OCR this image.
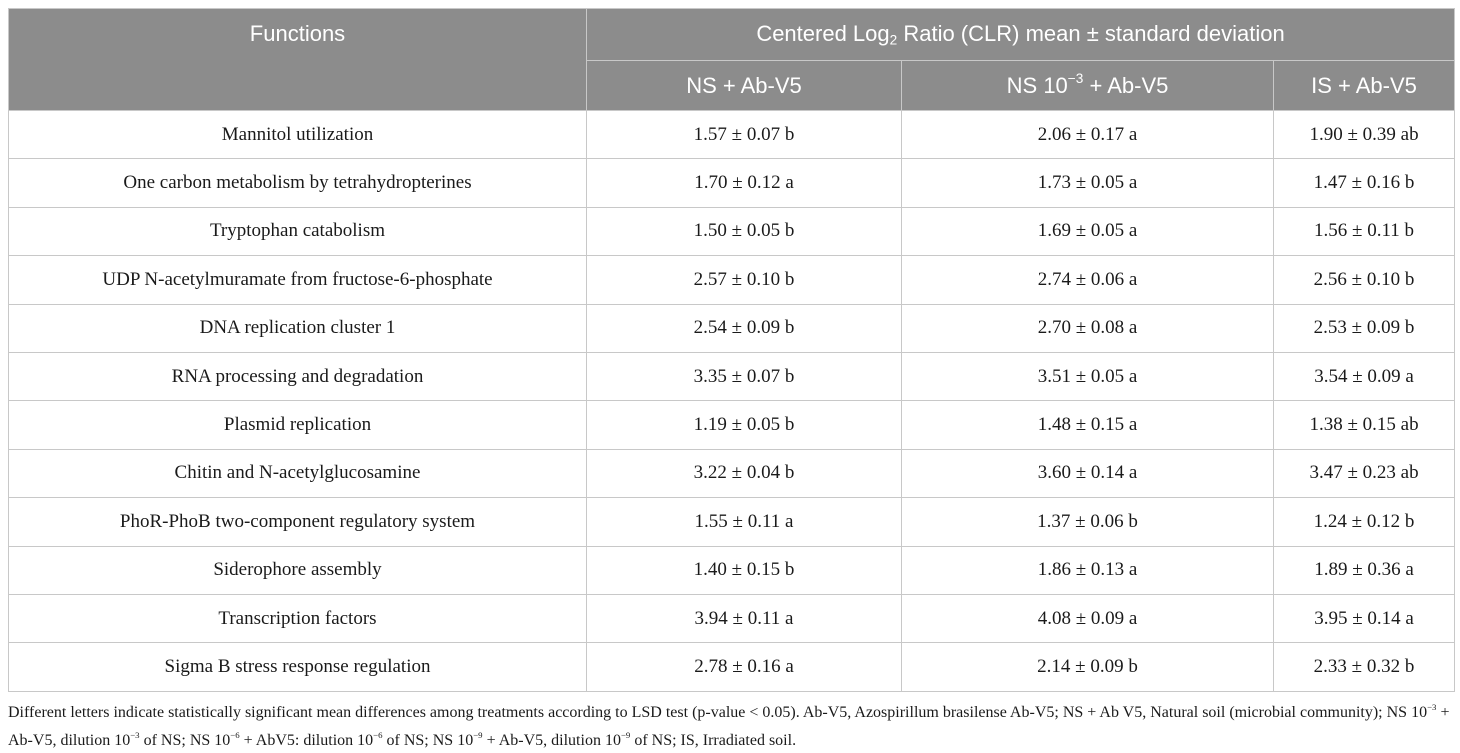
Functions	Centered Log$_2$ Ratio (CLR) mean ± standard deviation		
	NS + Ab-V5	NS $10^{-3} + Ab-V5$	IS + Ab-V5
Mannitol utilization	1.57 ± 0.07 b	2.06 ± 0.17 a	1.90 ± 0.39 ab
One carbon metabolism by tetrahydropterines	1.70 ± 0.12 a	1.73 ± 0.05 a	1.47 ± 0.16 b
Tryptophan catabolism	1.50 ± 0.05 b	1.69 ± 0.05 a	1.56 ± 0.11 b
UDP N-acetylmuramate from fructose-6-phosphate	2.57 ± 0.10 b	2.74 ± 0.06 a	2.56 ± 0.10 b
DNA replication cluster 1	2.54 ± 0.09 b	2.70 ± 0.08 a	2.53 ± 0.09 b
RNA processing and degradation	3.35 ± 0.07 b	3.51 ± 0.05 a	3.54 ± 0.09 a
Plasmid replication	1.19 ± 0.05 b	1.48 ± 0.15 a	1.38 ± 0.15 ab
Chitin and N-acetylglucosamine	3.22 ± 0.04 b	3.60 ± 0.14 a	3.47 ± 0.23 ab
PhoR-PhoB two-component regulatory system	1.55 ± 0.11 a	1.37 ± 0.06 b	1.24 ± 0.12 b
Siderophore assembly	1.40 ± 0.15 b	1.86 ± 0.13 a	1.89 ± 0.36 a
Transcription factors	3.94 ± 0.11 a	4.08 ± 0.09 a	3.95 ± 0.14 a
Sigma B stress response regulation	2.78 ± 0.16 a	2.14 ± 0.09 b	2.33 ± 0.32 b
Different letters indicate statistically significant mean differences among treatments according to LSD test (p-value < 0.05). Ab-V5, Azospirillum brasilense Ab-V5; NS + Ab V5, Natural soil (microbial community); NS $10^{-3} + Ab-V5$, dilution $10^{-3}$ of NS; NS $10^{-6} + AbV5$: dilution $10^{-6}$ of NS; NS $10^{-9} + Ab-V5$, dilution $10^{-9}$ of NS; IS, Irradiated soil.
